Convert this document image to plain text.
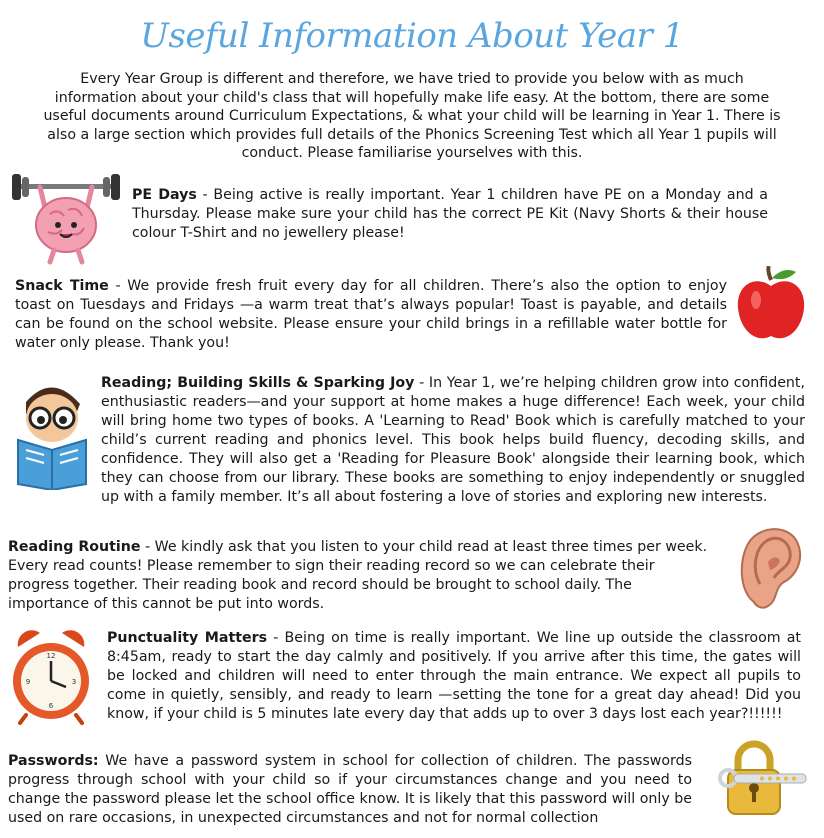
Useful Information About Year 1
Every Year Group is different and therefore, we have tried to provide you below with as much information about your child's class that will hopefully make life easy. At the bottom, there are some useful documents around Curriculum Expectations, & what your child will be learning in Year 1. There is also a large section which provides full details of the Phonics Screening Test which all Year 1 pupils will conduct. Please familiarise yourselves with this.
PE Days - Being active is really important. Year 1 children have PE on a Monday and a Thursday. Please make sure your child has the correct PE Kit (Navy Shorts & their house colour T-Shirt and no jewellery please!
Snack Time - We provide fresh fruit every day for all children. There’s also the option to enjoy toast on Tuesdays and Fridays —a warm treat that’s always popular! Toast is payable, and details can be found on the school website. Please ensure your child brings in a refillable water bottle for water only please. Thank you!
Reading; Building Skills & Sparking Joy - In Year 1, we’re helping children grow into confident, enthusiastic readers—and your support at home makes a huge difference! Each week, your child will bring home two types of books. A 'Learning to Read' Book which is carefully matched to your child’s current reading and phonics level. This book helps build fluency, decoding skills, and confidence. They will also get a 'Reading for Pleasure Book' alongside their learning book, which they can choose from our library. These books are something to enjoy independently or snuggled up with a family member. It’s all about fostering a love of stories and exploring new interests.
Reading Routine - We kindly ask that you listen to your child read at least three times per week. Every read counts! Please remember to sign their reading record so we can celebrate their progress together. Their reading book and record should be brought to school daily. The importance of this cannot be put into words.
12
3
6
9
Punctuality Matters - Being on time is really important. We line up outside the classroom at 8:45am, ready to start the day calmly and positively. If you arrive after this time, the gates will be locked and children will need to enter through the main entrance. We expect all pupils to come in quietly, sensibly, and ready to learn —setting the tone for a great day ahead! Did you know, if your child is 5 minutes late every day that adds up to over 3 days lost each year?!!!!!!
Passwords: We have a password system in school for collection of children. The passwords progress through school with your child so if your circumstances change and you need to change the password please let the school office know. It is likely that this password will only be used on rare occasions, in unexpected circumstances and not for normal collection
